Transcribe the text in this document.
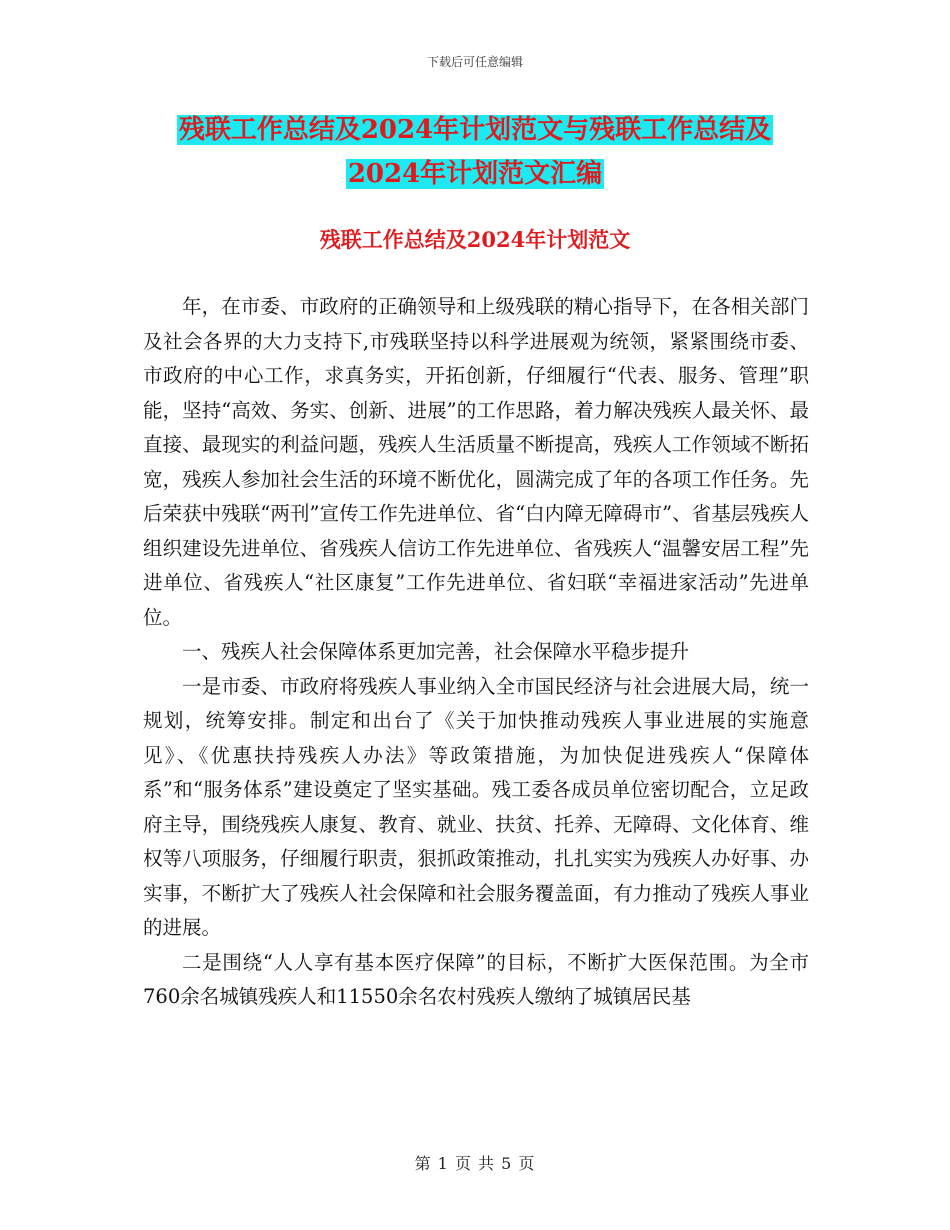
下载后可任意编辑
残联工作总结及2024年计划范文与残联工作总结及
2024年计划范文汇编
残联工作总结及2024年计划范文

年，在市委、市政府的正确领导和上级残联的精心指导下，在各相关部门及社会各界的大力支持下,市残联坚持以科学进展观为统领，紧紧围绕市委、市政府的中心工作，求真务实，开拓创新，仔细履行“代表、服务、管理”职能，坚持“高效、务实、创新、进展”的工作思路，着力解决残疾人最关怀、最直接、最现实的利益问题，残疾人生活质量不断提高，残疾人工作领域不断拓宽，残疾人参加社会生活的环境不断优化，圆满完成了年的各项工作任务。先后荣获中残联“两刊”宣传工作先进单位、省“白内障无障碍市”、省基层残疾人组织建设先进单位、省残疾人信访工作先进单位、省残疾人“温馨安居工程”先进单位、省残疾人“社区康复”工作先进单位、省妇联“幸福进家活动”先进单位。

一、残疾人社会保障体系更加完善，社会保障水平稳步提升

一是市委、市政府将残疾人事业纳入全市国民经济与社会进展大局，统一规划，统筹安排。制定和出台了《关于加快推动残疾人事业进展的实施意见》、《优惠扶持残疾人办法》等政策措施，为加快促进残疾人“保障体系”和“服务体系”建设奠定了坚实基础。残工委各成员单位密切配合，立足政府主导，围绕残疾人康复、教育、就业、扶贫、托养、无障碍、文化体育、维权等八项服务，仔细履行职责，狠抓政策推动，扎扎实实为残疾人办好事、办实事，不断扩大了残疾人社会保障和社会服务覆盖面，有力推动了残疾人事业的进展。

二是围绕“人人享有基本医疗保障”的目标，不断扩大医保范围。为全市760余名城镇残疾人和11550余名农村残疾人缴纳了城镇居民基

第 1 页 共 5 页
